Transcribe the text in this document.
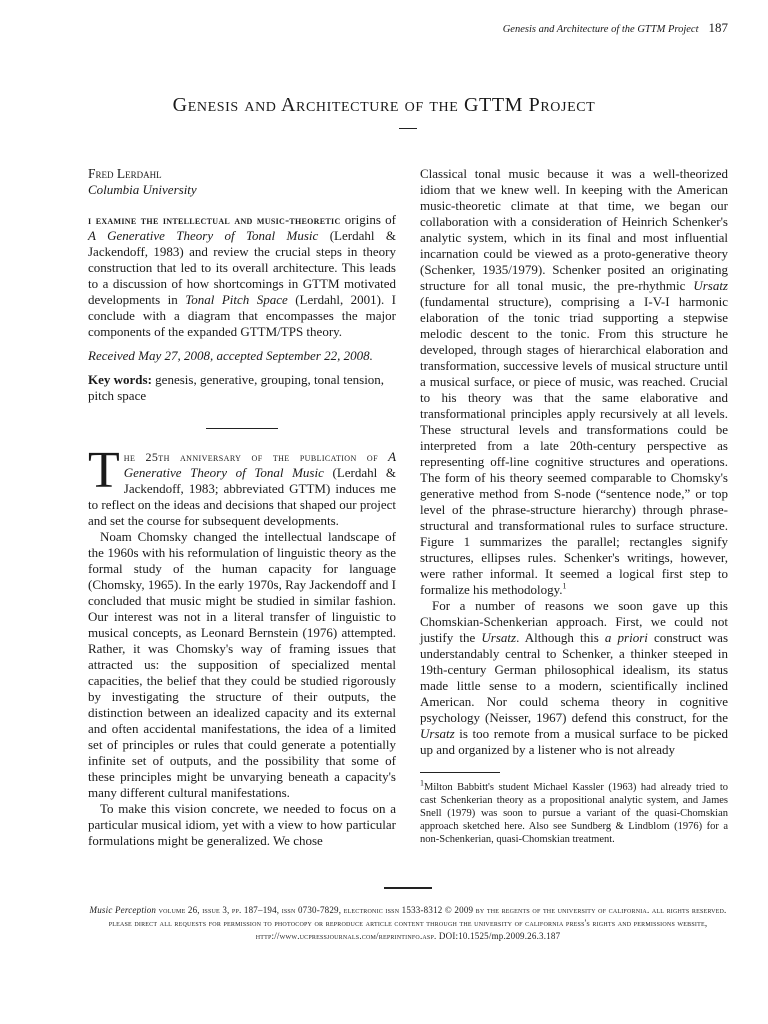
Genesis and Architecture of the GTTM Project 187
Genesis and Architecture of the GTTM Project
Fred Lerdahl
Columbia University
i examine the intellectual and music-theoretic origins of A Generative Theory of Tonal Music (Lerdahl & Jackendoff, 1983) and review the crucial steps in theory construction that led to its overall architecture. This leads to a discussion of how shortcomings in GTTM motivated developments in Tonal Pitch Space (Lerdahl, 2001). I conclude with a diagram that encompasses the major components of the expanded GTTM/TPS theory.
Received May 27, 2008, accepted September 22, 2008.
Key words: genesis, generative, grouping, tonal tension, pitch space

The 25th anniversary of the publication of A Generative Theory of Tonal Music (Lerdahl & Jackendoff, 1983; abbreviated GTTM) induces me to reflect on the ideas and decisions that shaped our project and set the course for subsequent developments.

Noam Chomsky changed the intellectual landscape of the 1960s with his reformulation of linguistic theory as the formal study of the human capacity for language (Chomsky, 1965). In the early 1970s, Ray Jackendoff and I concluded that music might be studied in similar fashion. Our interest was not in a literal transfer of linguistic to musical concepts, as Leonard Bernstein (1976) attempted. Rather, it was Chomsky's way of framing issues that attracted us: the supposition of specialized mental capacities, the belief that they could be studied rigorously by investigating the structure of their outputs, the distinction between an idealized capacity and its external and often accidental manifestations, the idea of a limited set of principles or rules that could generate a potentially infinite set of outputs, and the possibility that some of these principles might be unvarying beneath a capacity's many different cultural manifestations.

To make this vision concrete, we needed to focus on a particular musical idiom, yet with a view to how particular formulations might be generalized. We chose

Classical tonal music because it was a well-theorized idiom that we knew well. In keeping with the American music-theoretic climate at that time, we began our collaboration with a consideration of Heinrich Schenker's analytic system, which in its final and most influential incarnation could be viewed as a proto-generative theory (Schenker, 1935/1979). Schenker posited an originating structure for all tonal music, the pre-rhythmic Ursatz (fundamental structure), comprising a I-V-I harmonic elaboration of the tonic triad supporting a stepwise melodic descent to the tonic. From this structure he developed, through stages of hierarchical elaboration and transformation, successive levels of musical structure until a musical surface, or piece of music, was reached. Crucial to his theory was that the same elaborative and transformational principles apply recursively at all levels. These structural levels and transformations could be interpreted from a late 20th-century perspective as representing off-line cognitive structures and operations. The form of his theory seemed comparable to Chomsky's generative method from S-node (“sentence node,” or top level of the phrase-structure hierarchy) through phrase-structural and transformational rules to surface structure. Figure 1 summarizes the parallel; rectangles signify structures, ellipses rules. Schenker's writings, however, were rather informal. It seemed a logical first step to formalize his methodology.$^1$

For a number of reasons we soon gave up this Chomskian-Schenkerian approach. First, we could not justify the Ursatz. Although this a priori construct was understandably central to Schenker, a thinker steeped in 19th-century German philosophical idealism, its status made little sense to a modern, scientifically inclined American. Nor could schema theory in cognitive psychology (Neisser, 1967) defend this construct, for the Ursatz is too remote from a musical surface to be picked up and organized by a listener who is not already

$^1$Milton Babbitt's student Michael Kassler (1963) had already tried to cast Schenkerian theory as a propositional analytic system, and James Snell (1979) was soon to pursue a variant of the quasi-Chomskian approach sketched here. Also see Sundberg & Lindblom (1976) for a non-Schenkerian, quasi-Chomskian treatment.
Music Perception volume 26, issue 3, pp. 187–194, issn 0730-7829, electronic issn 1533-8312 © 2009 by the regents of the university of california. all rights reserved. please direct all requests for permission to photocopy or reproduce article content through the university of california press's rights and permissions website, http://www.ucpressjournals.com/reprintinfo.asp. DOI:10.1525/mp.2009.26.3.187
